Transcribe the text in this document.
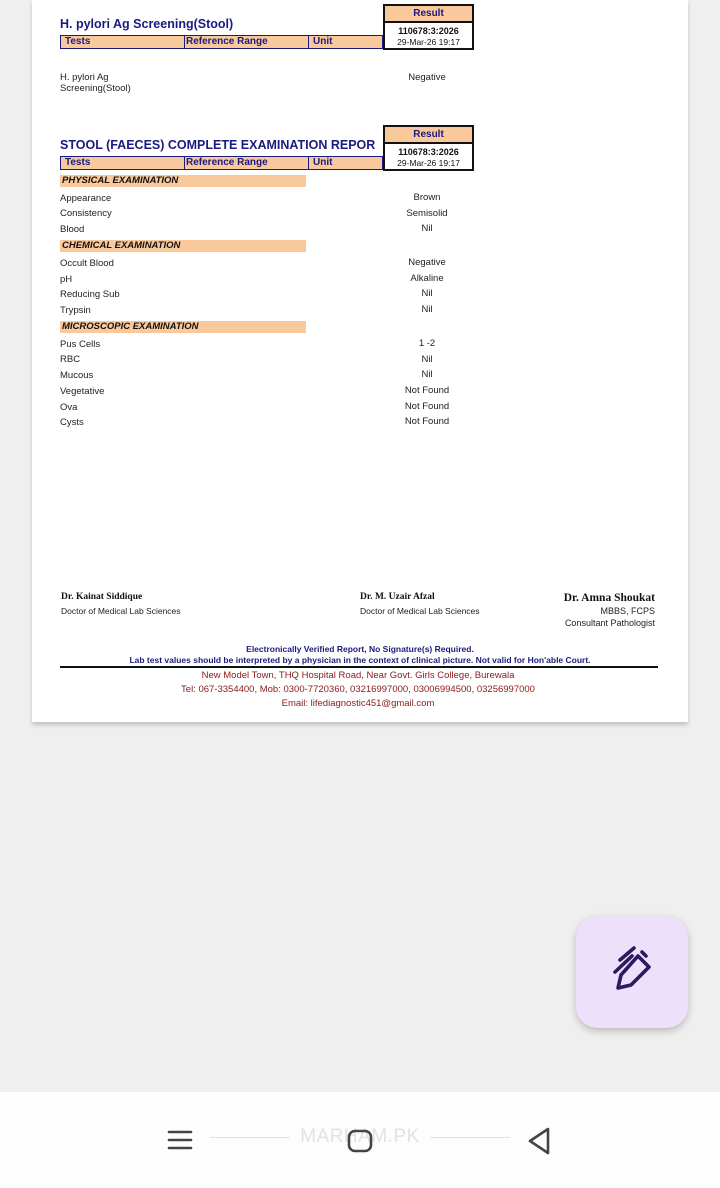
H. pylori Ag Screening(Stool)
Tests	Reference Range	Unit
Result
110678:3:2026
29-Mar-26 19:17
H. pylori Ag
Screening(Stool)
Negative
STOOL (FAECES) COMPLETE EXAMINATION REPOR
Tests	Reference Range	Unit
Result
110678:3:2026
29-Mar-26 19:17
PHYSICAL EXAMINATION
Appearance	Brown
Consistency	Semisolid
Blood	Nil
CHEMICAL EXAMINATION
Occult Blood	Negative
pH	Alkaline
Reducing Sub	Nil
Trypsin	Nil
MICROSCOPIC EXAMINATION
Pus Cells	1 -2
RBC	Nil
Mucous	Nil
Vegetative	Not Found
Ova	Not Found
Cysts	Not Found
Dr. Kainat Siddique
Doctor of Medical Lab Sciences
Dr. M. Uzair Afzal
Doctor of Medical Lab Sciences
Dr. Amna Shoukat
MBBS, FCPS
Consultant Pathologist
Electronically Verified Report, No Signature(s) Required.
Lab test values should be interpreted by a physician in the context of clinical picture. Not valid for Hon'able Court.
New Model Town, THQ Hospital Road, Near Govt. Girls College, Burewala
Tel: 067-3354400, Mob: 0300-7720360, 03216997000, 03006994500, 03256997000
Email: lifediagnostic451@gmail.com
MARHAM.PK
